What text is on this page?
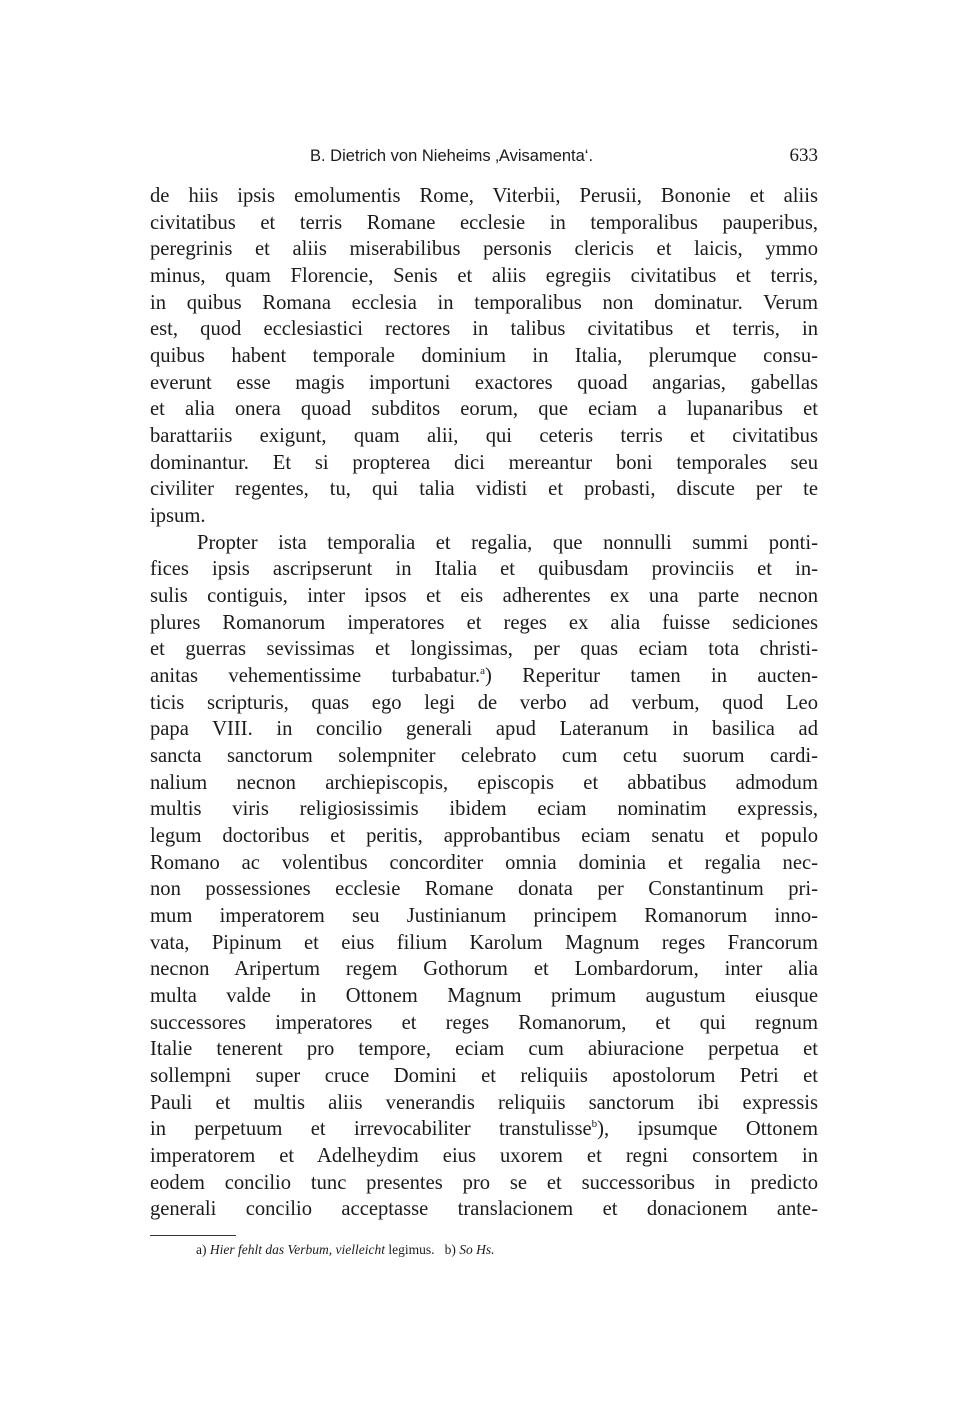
B. Dietrich von Nieheims ‚Avisamenta‘.	633
de hiis ipsis emolumentis Rome, Viterbii, Perusii, Bononie et aliis
civitatibus et terris Romane ecclesie in temporalibus pauperibus,
peregrinis et aliis miserabilibus personis clericis et laicis, ymmo
minus, quam Florencie, Senis et aliis egregiis civitatibus et terris,
in quibus Romana ecclesia in temporalibus non dominatur. Verum
est, quod ecclesiastici rectores in talibus civitatibus et terris, in
quibus habent temporale dominium in Italia, plerumque consu-
everunt esse magis importuni exactores quoad angarias, gabellas
et alia onera quoad subditos eorum, que eciam a lupanaribus et
barattariis exigunt, quam alii, qui ceteris terris et civitatibus
dominantur. Et si propterea dici mereantur boni temporales seu
civiliter regentes, tu, qui talia vidisti et probasti, discute per te
ipsum.
Propter ista temporalia et regalia, que nonnulli summi ponti-
fices ipsis ascripserunt in Italia et quibusdam provinciis et in-
sulis contiguis, inter ipsos et eis adherentes ex una parte necnon
plures Romanorum imperatores et reges ex alia fuisse sediciones
et guerras sevissimas et longissimas, per quas eciam tota christi-
anitas vehementissime turbabatur.$^a$) Reperitur tamen in aucten-
ticis scripturis, quas ego legi de verbo ad verbum, quod Leo
papa VIII. in concilio generali apud Lateranum in basilica ad
sancta sanctorum solempniter celebrato cum cetu suorum cardi-
nalium necnon archiepiscopis, episcopis et abbatibus admodum
multis viris religiosissimis ibidem eciam nominatim expressis,
legum doctoribus et peritis, approbantibus eciam senatu et populo
Romano ac volentibus concorditer omnia dominia et regalia nec-
non possessiones ecclesie Romane donata per Constantinum pri-
mum imperatorem seu Justinianum principem Romanorum inno-
vata, Pipinum et eius filium Karolum Magnum reges Francorum
necnon Aripertum regem Gothorum et Lombardorum, inter alia
multa valde in Ottonem Magnum primum augustum eiusque
successores imperatores et reges Romanorum, et qui regnum
Italie tenerent pro tempore, eciam cum abiuracione perpetua et
sollempni super cruce Domini et reliquiis apostolorum Petri et
Pauli et multis aliis venerandis reliquiis sanctorum ibi expressis
in perpetuum et irrevocabiliter transtulisse$^b$), ipsumque Ottonem
imperatorem et Adelheydim eius uxorem et regni consortem in
eodem concilio tunc presentes pro se et successoribus in predicto
generali concilio acceptasse translacionem et donacionem ante-
a) Hier fehlt das Verbum, vielleicht legimus. b) So Hs.
